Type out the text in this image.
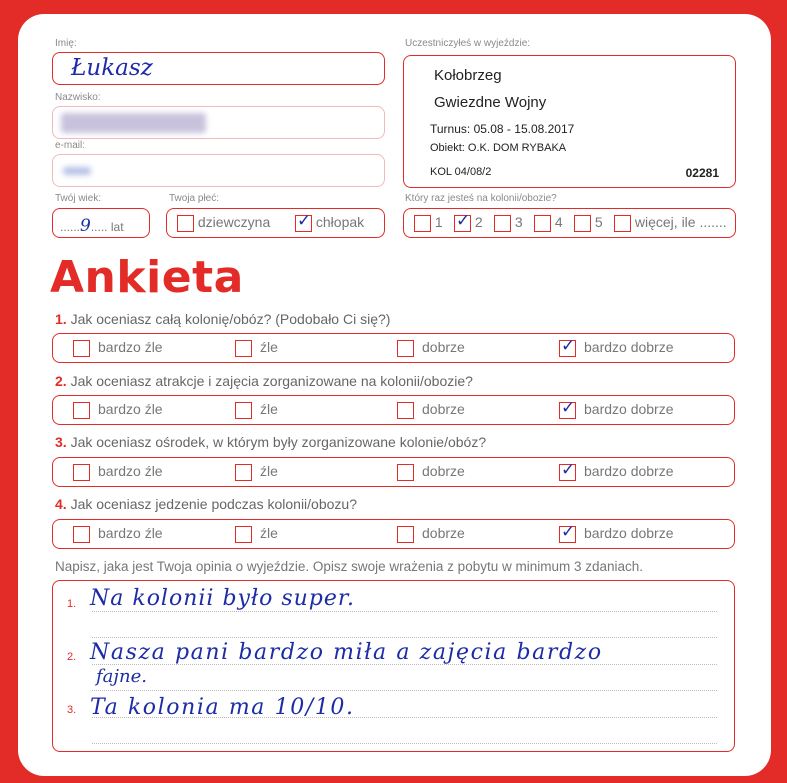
Imię:
Łukasz
Nazwisko:
e-mail:
Twój wiek:
......9..... lat
Twoja płeć:
dziewczyna ✓ chłopak
Uczestniczyłeś w wyjeździe:
Kołobrzeg
Gwiezdne Wojny
Turnus: 05.08 - 15.08.2017
Obiekt: O.K. DOM RYBAKA
KOL 04/08/2	02281
Który raz jesteś na kolonii/obozie?
1 ✓ 2	3	4	5	więcej, ile .......
Ankieta
1. Jak oceniasz całą kolonię/obóz? (Podobało Ci się?)
bardzo źle	źle	dobrze	✓ bardzo dobrze
2. Jak oceniasz atrakcje i zajęcia zorganizowane na kolonii/obozie?
bardzo źle	źle	dobrze	✓ bardzo dobrze
3. Jak oceniasz ośrodek, w którym były zorganizowane kolonie/obóz?
bardzo źle	źle	dobrze	✓ bardzo dobrze
4. Jak oceniasz jedzenie podczas kolonii/obozu?
bardzo źle	źle	dobrze	✓ bardzo dobrze
Napisz, jaka jest Twoja opinia o wyjeździe. Opisz swoje wrażenia z pobytu w minimum 3 zdaniach.
1.
2.
3.
Na kolonii było super.
Nasza pani bardzo miła a zajęcia bardzo
fajne.
Ta kolonia ma 10/10.
